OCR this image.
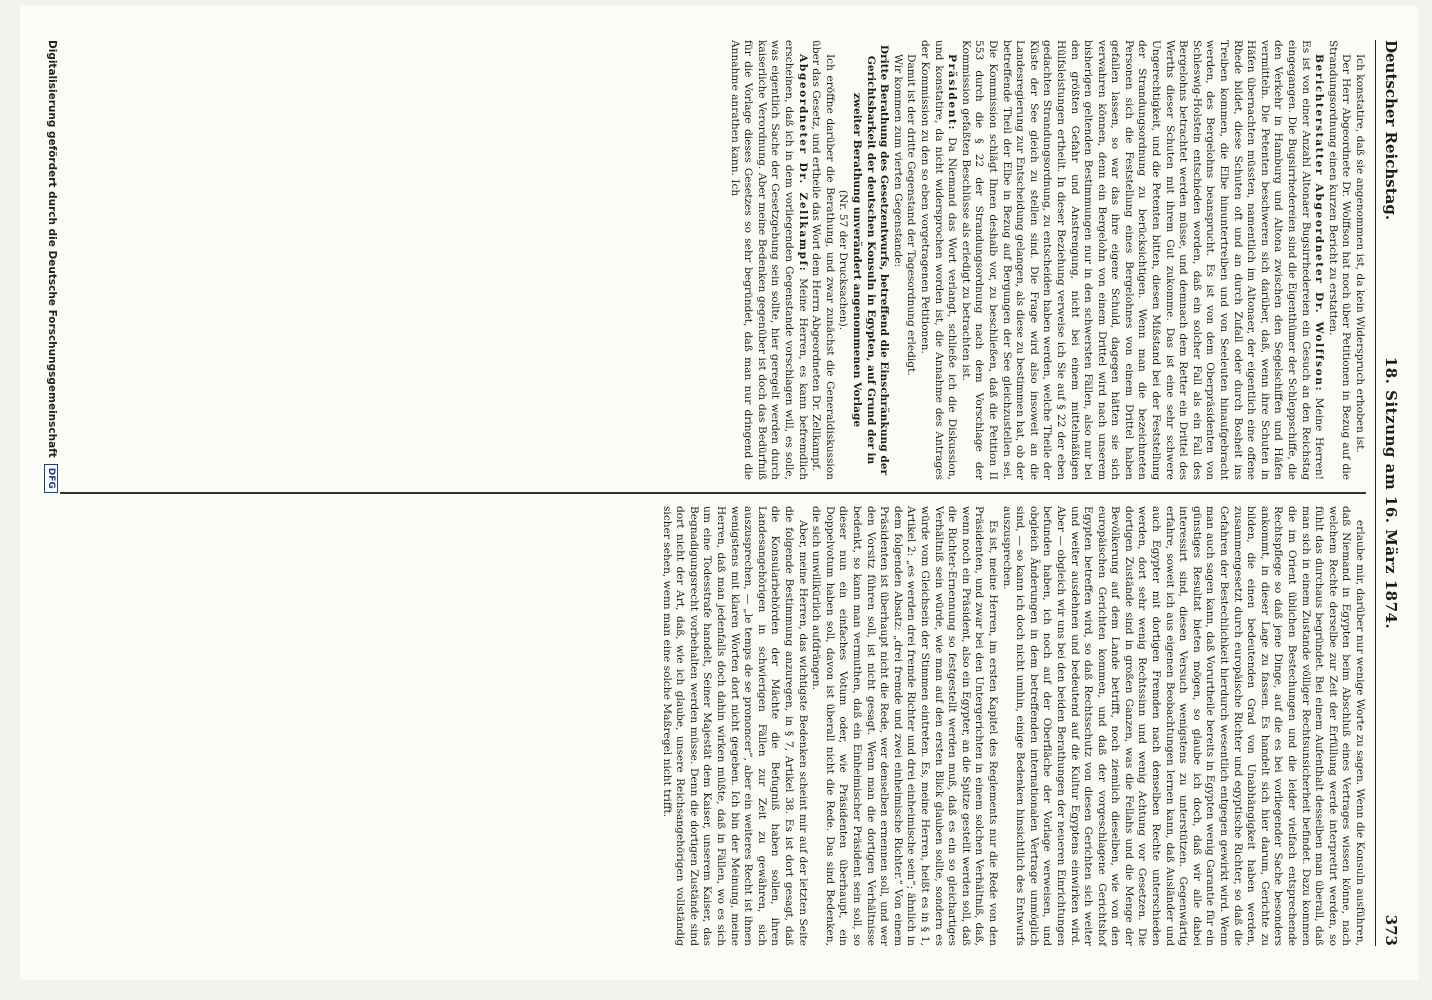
Deutscher Reichstag.
18. Sitzung am 16. März 1874.
373

Ich konstatire, daß sie angenommen ist, da kein Widerspruch erhoben ist.

Der Herr Abgeordnete Dr. Wolffson hat noch über Petitionen in Bezug auf die Strandungsordnung einen kurzen Bericht zu erstatten.

Berichterstatter Abgeordneter Dr. Wolffson: Meine Herren! Es ist von einer Anzahl Altonaer Bugsirrhedereien ein Gesuch an den Reichstag eingegangen. Die Bugsirrhedereien sind die Eigenthümer der Schleppschiffe, die den Verkehr in Hamburg und Altona zwischen den Segelschiffen und Häfen vermitteln. Die Petenten beschweren sich darüber, daß, wenn ihre Schuten in Häfen übernachten müssten, namentlich im Altonaer, der eigentlich eine offene Rhede bildet, diese Schuten oft und an durch Zufall oder durch Bosheit ins Treiben kommen, die Elbe hinuntertreiben und von Seeleuten hinaufgebracht werden, des Bergelohns beansprucht. Es ist von dem Oberpräsidenten von Schleswig-Holstein entschieden worden, daß ein solcher Fall als ein Fall des Bergelohns betrachtet werden müsse, und demnach dem Retter ein Drittel des Werths dieser Schuten mit ihrem Gut zukomme. Das ist eine sehr schwere Ungerechtigkeit, und die Petenten bitten, diesen Mißstand bei der Feststellung der Strandungsordnung zu berücksichtigen. Wenn man die bezeichneten Personen sich die Feststellung eines Bergelohnes von einem Drittel haben gefallen lassen, so war das ihre eigene Schuld, dagegen hätten sie sich verwahren können, denn ein Bergelohn von einem Drittel wird nach unserem bisherigen geltenden Bestimmungen nur in den schwersten Fällen, also nur bei den größten Gefahr und Anstrengung, nicht bei einem mittelmäßigen Hülfsleistungen ertheilt. In dieser Beziehung verweise ich Sie auf § 22 der eben gedachten Strandungsordnung, zu entscheiden haben werden, welche Theile der Küste der See gleich zu stellen sind. Die Frage wird also insoweit an die Landesregierung zur Entscheidung gelangen, als diese zu bestimmen hat, ob der betreffende Theil der Elbe in Bezug auf Bergungen der See gleichzustellen sei. Die Kommission schlägt Ihnen deshalb vor, zu beschließen, daß die Petition II 553 durch die § 22 der Strandungsordnung nach dem Vorschlage der Kommission gefaßten Beschlüsse als erledigt zu betrachten ist.

Präsident: Da Niemand das Wort verlangt, schließe ich die Diskussion, und konstatire, da nicht widersprochen worden ist, die Annahme des Antrages der Kommission zu den so eben vorgetragenen Petitionen.

Damit ist der dritte Gegenstand der Tagesordnung erledigt.

Wir kommen zum vierten Gegenstande:

Dritte Berathung des Gesetzentwurfs, betreffend die Einschränkung der Gerichtsbarkeit der deutschen Konsuln in Egypten, auf Grund der in zweiter Berathung unverändert angenommenen Vorlage

(Nr. 57 der Drucksachen).

Ich eröffne darüber die Berathung, und zwar zunächst die Generaldiskussion über das Gesetz, und ertheile das Wort dem Herrn Abgeordneten Dr. Zellkampf.

Abgeordneter Dr. Zellkampf: Meine Herren, es kann befremdlich erscheinen, daß ich in dem vorliegenden Gegenstande vorschlagen will, es solle, was eigentlich Sache der Gesetzgebung sein sollte, hier geregelt werden durch kaiserliche Verordnung. Aber meine Bedenken gegenüber ist doch das Bedürfniß für die Vorlage dieses Gesetzes so sehr begründet, daß man nur dringend die Annahme anrathen kann. Ich

erlaube mir, darüber nur wenige Worte zu sagen. Wenn die Konsuln ausführen, daß Niemand in Egypten beim Abschluß eines Vertrages wissen könne, nach welchem Rechte derselbe zur Zeit der Erfüllung werde interpretirt werden, so fühlt das durchaus begründet. Bei einem Aufenthalt desselben man überall, daß man sich in einem Zustande völliger Rechtsunsicherheit befindet. Dazu kommen die im Orient üblichen Bestechungen und die leider vielfach entsprechende Rechtspflege so daß jene Dinge, auf die es bei vorliegender Sache besonders ankommt, in dieser Lage zu fassen. Es handelt sich hier darum, Gerichte zu bilden, die einen bedeutenden Grad von Unabhängigkeit haben werden, zusammengesetzt durch europäische Richter und egyptische Richter, so daß die Gefahren der Bestechlichkeit hierdurch wesentlich entgegen gewirkt wird. Wenn man auch sagen kann, daß Vorurtheile bereits in Egypten wenig Garantie für ein günstiges Resultat bieten mögen, so glaube ich doch, daß wir alle dabei interessirt sind, diesen Versuch wenigstens zu unterstützen. Gegenwärtig erfahre, soweit ich aus eigenen Beobachtungen lernen kann, daß Ausländer und auch Egypter mit dortigen Fremden nach denselben Rechte unterschieden werden, dort sehr wenig Rechtssinn und wenig Achtung vor Gesetzen. Die dortigen Zustände sind in großen Ganzen, was die Fellahs und die Menge der Bevölkerung auf dem Lande betrifft, noch ziemlich dieselben, wie von den europäischen Gerichten kommen, und daß der vorgeschlagene Gerichtshof Egypten betreffen wird, so daß Rechtsschutz von diesen Gerichten sich weiter und weiter ausdehnen und bedeutend auf die Kultur Egyptens einwirken wird. Aber — obgleich wir uns bei den beiden Berathungen der neueren Einrichtungen befunden haben, ich noch auf der Oberfläche der Vorlage verweisen, und obgleich Änderungen in dem betreffenden internationalen Vertrage unmöglich sind, — so kann ich doch nicht umhin, einige Bedenken hinsichtlich des Entwurfs auszusprechen.

Es ist, meine Herren, im ersten Kapitel des Reglements nur die Rede von den Präsidenten, und zwar bei den Untergerichten in einem solchen Verhältniß, daß, wenn noch ein Präsident, also ein Egypter, an die Spitze gestellt werden soll, daß die Richter-Ernennung so festgestellt werden muß, daß es ein so gleichartiges Verhältniß sein würde, wie man auf den ersten Blick glauben sollte, sondern es würde vom Gleichsein der Stimmen eintreten. Es, meine Herren, heißt es in § 1, Artikel 2: „es werden drei fremde Richter und drei einheimische sein“; ähnlich in dem folgenden Absatz: „drei fremde und zwei einheimische Richter.“ Von einem Präsidenten ist überhaupt nicht die Rede, wer denselben ernennen soll, und wer den Vorsitz führen soll, ist nicht gesagt. Wenn man die dortigen Verhältnisse bedenkt, so kann man vermuthen, daß ein Einheimischer Präsident sein soll, so dieser nun ein einfaches Votum oder, wie Präsidenten überhaupt, ein Doppelvotum haben soll, davon ist überall nicht die Rede. Das sind Bedenken, die sich unwillkürlich aufdrängen.

Aber, meine Herren, das wichtigste Bedenken scheint mir auf der letzten Seite die folgende Bestimmung anzuregen, in § 7, Artikel 38. Es ist dort gesagt, daß die Konsularbehörden der Mächte die Befugniß haben sollen, ihren Landesangehörigen in schwierigen Fällen zur Zeit zu gewähren, sich auszusprechen, — „le temps de se prononcer“, aber ein weiteres Recht ist ihnen wenigstens mit klaren Worten dort nicht gegeben. Ich bin der Meinung, meine Herren, daß man jedenfalls doch dahin wirken müßte, daß in Fällen, wo es sich um eine Todesstrafe handelt, Seiner Majestät dem Kaiser, unserem Kaiser, das Begnadigungsrecht vorbehalten werden müsse. Denn die dortigen Zustände sind dort nicht der Art, daß, wie ich glaube, unsere Reichsangehörigen vollständig sicher sehen, wenn man eine solche Maßregel nicht trifft.

Digitalisierung gefördert durch die Deutsche ForschungsgemeinschaftDFG
